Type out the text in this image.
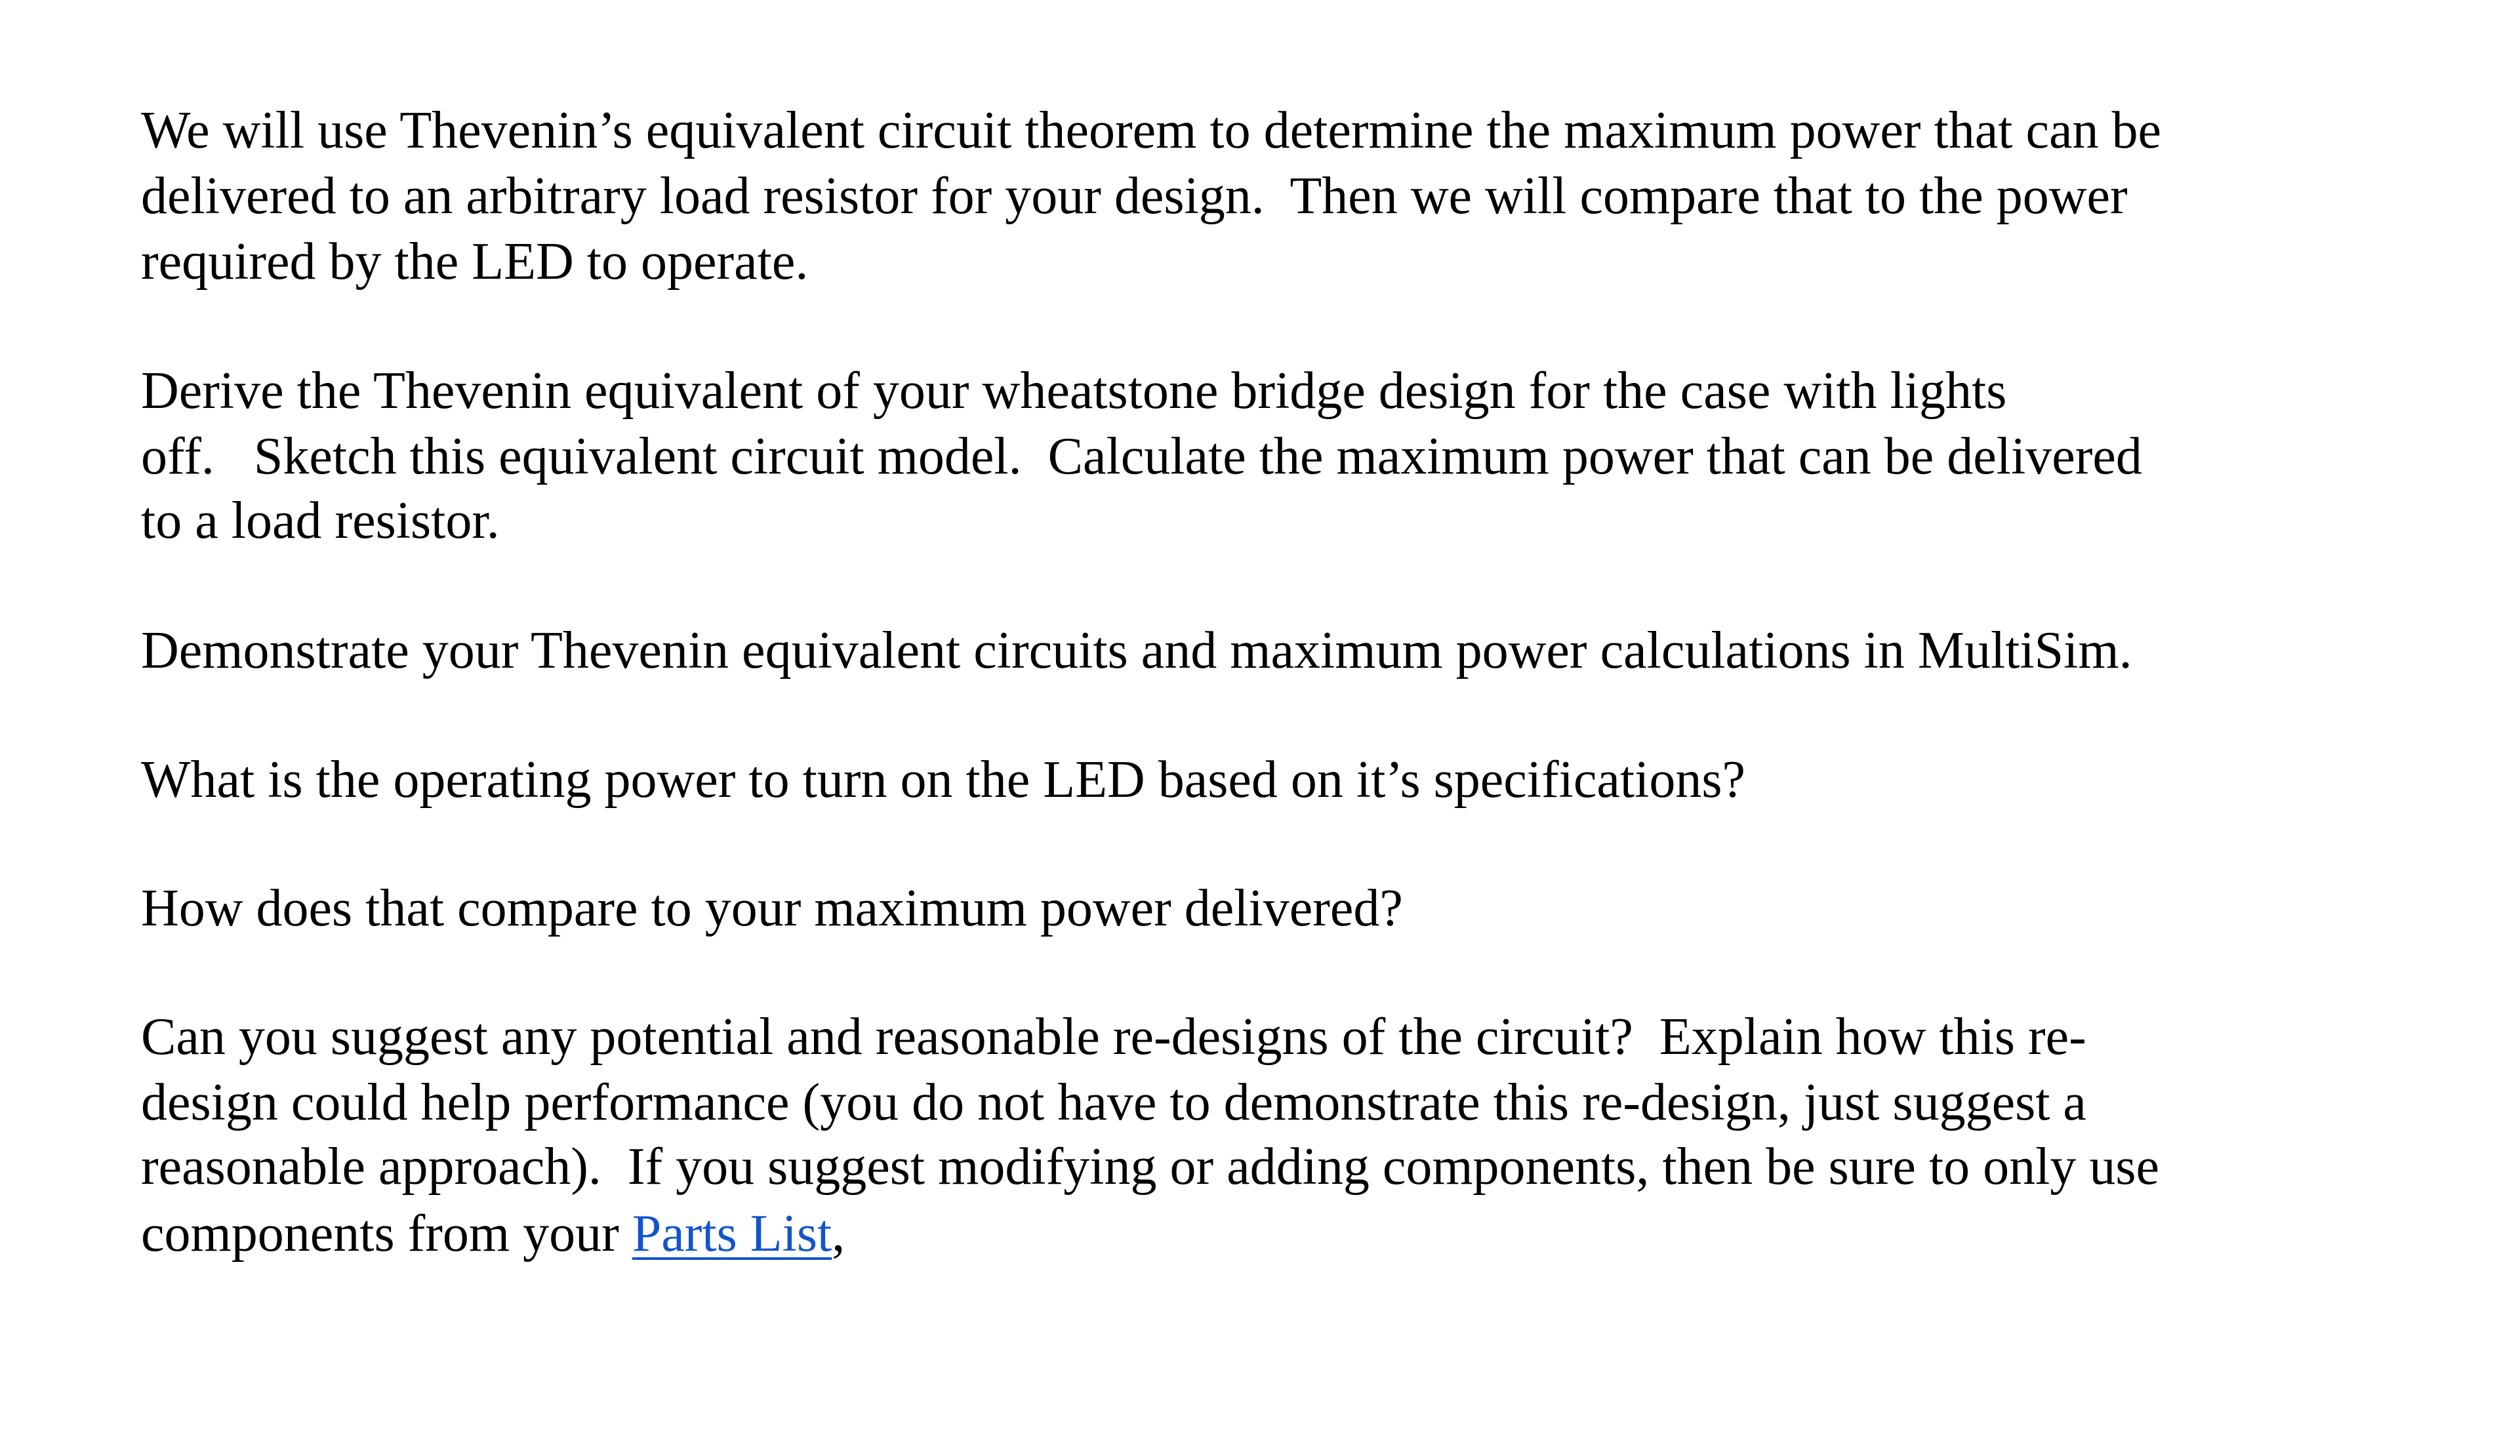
We will use Thevenin’s equivalent circuit theorem to determine the maximum power that can be
delivered to an arbitrary load resistor for your design.  Then we will compare that to the power
required by the LED to operate.
Derive the Thevenin equivalent of your wheatstone bridge design for the case with lights
off.   Sketch this equivalent circuit model.  Calculate the maximum power that can be delivered
to a load resistor.
Demonstrate your Thevenin equivalent circuits and maximum power calculations in MultiSim.
What is the operating power to turn on the LED based on it’s specifications?
How does that compare to your maximum power delivered?
Can you suggest any potential and reasonable re-designs of the circuit?  Explain how this re-
design could help performance (you do not have to demonstrate this re-design, just suggest a
reasonable approach).  If you suggest modifying or adding components, then be sure to only use
components from your Parts List,
